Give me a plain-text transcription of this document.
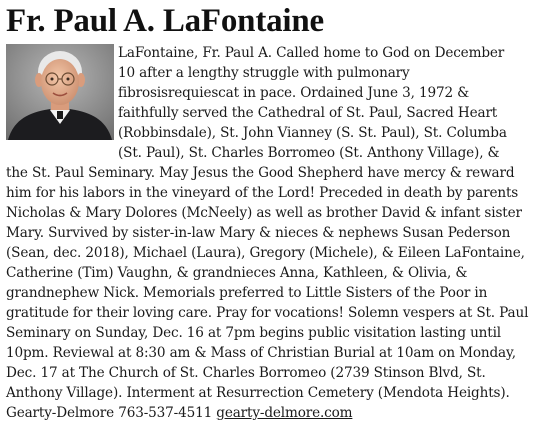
Fr. Paul A. LaFontaine

LaFontaine, Fr. Paul A. Called home to God on December

10 after a lengthy struggle with pulmonary

fibrosisrequiescat in pace. Ordained June 3, 1972 &

faithfully served the Cathedral of St. Paul, Sacred Heart

(Robbinsdale), St. John Vianney (S. St. Paul), St. Columba

(St. Paul), St. Charles Borromeo (St. Anthony Village), &

the St. Paul Seminary. May Jesus the Good Shepherd have mercy & reward

him for his labors in the vineyard of the Lord! Preceded in death by parents

Nicholas & Mary Dolores (McNeely) as well as brother David & infant sister

Mary. Survived by sister-in-law Mary & nieces & nephews Susan Pederson

(Sean, dec. 2018), Michael (Laura), Gregory (Michele), & Eileen LaFontaine,

Catherine (Tim) Vaughn, & grandnieces Anna, Kathleen, & Olivia, &

grandnephew Nick. Memorials preferred to Little Sisters of the Poor in

gratitude for their loving care. Pray for vocations! Solemn vespers at St. Paul

Seminary on Sunday, Dec. 16 at 7pm begins public visitation lasting until

10pm. Reviewal at 8:30 am & Mass of Christian Burial at 10am on Monday,

Dec. 17 at The Church of St. Charles Borromeo (2739 Stinson Blvd, St.

Anthony Village). Interment at Resurrection Cemetery (Mendota Heights).

Gearty-Delmore 763-537-4511 gearty-delmore.com
